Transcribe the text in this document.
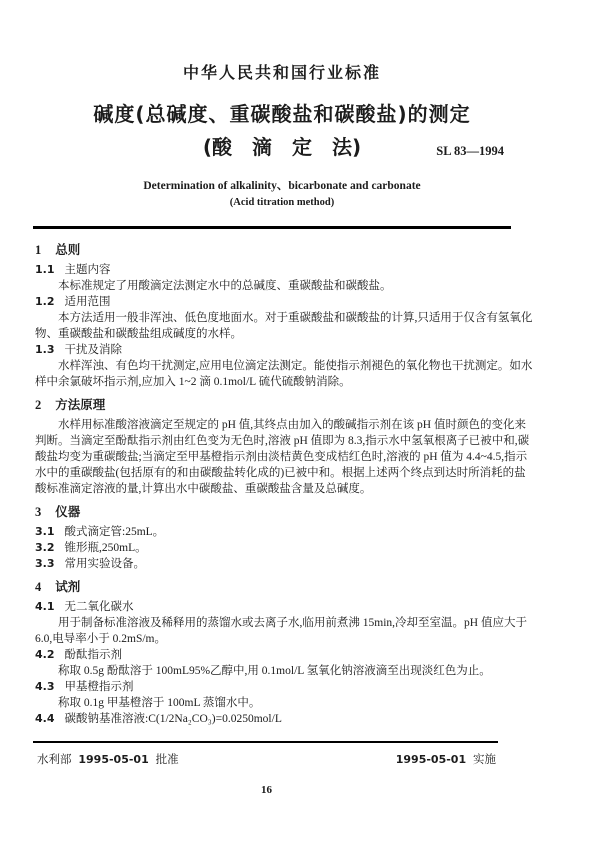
中华人民共和国行业标准
碱度(总碱度、重碳酸盐和碳酸盐)的测定
(酸　滴　定　法)	SL 83—1994
Determination of alkalinity、bicarbonate and carbonate
(Acid titration method)
1 总则
1.1 主题内容
本标准规定了用酸滴定法测定水中的总碱度、重碳酸盐和碳酸盐。
1.2 适用范围
本方法适用一般非浑浊、低色度地面水。对于重碳酸盐和碳酸盐的计算,只适用于仅含有氢氧化物、重碳酸盐和碳酸盐组成碱度的水样。
1.3 干扰及消除
水样浑浊、有色均干扰测定,应用电位滴定法测定。能使指示剂褪色的氧化物也干扰测定。如水样中余氯破坏指示剂,应加入 1~2 滴 0.1mol/L 硫代硫酸钠消除。
2 方法原理
水样用标准酸溶液滴定至规定的 pH 值,其终点由加入的酸碱指示剂在该 pH 值时颜色的变化来判断。当滴定至酚酞指示剂由红色变为无色时,溶液 pH 值即为 8.3,指示水中氢氧根离子已被中和,碳酸盐均变为重碳酸盐;当滴定至甲基橙指示剂由淡桔黄色变成桔红色时,溶液的 pH 值为 4.4~4.5,指示水中的重碳酸盐(包括原有的和由碳酸盐转化成的)已被中和。根据上述两个终点到达时所消耗的盐酸标准滴定溶液的量,计算出水中碳酸盐、重碳酸盐含量及总碱度。
3 仪器
3.1 酸式滴定管:25mL。
3.2 锥形瓶,250mL。
3.3 常用实验设备。
4 试剂
4.1 无二氧化碳水
用于制备标准溶液及稀释用的蒸馏水或去离子水,临用前煮沸 15min,冷却至室温。pH 值应大于 6.0,电导率小于 0.2mS/m。
4.2 酚酞指示剂
称取 0.5g 酚酞溶于 100mL95%乙醇中,用 0.1mol/L 氢氧化钠溶液滴至出现淡红色为止。
4.3 甲基橙指示剂
称取 0.1g 甲基橙溶于 100mL 蒸馏水中。
4.4 碳酸钠基准溶液:C(1/2Na₂CO₃)=0.0250mol/L
水利部 1995-05-01 批准	1995-05-01 实施
16
